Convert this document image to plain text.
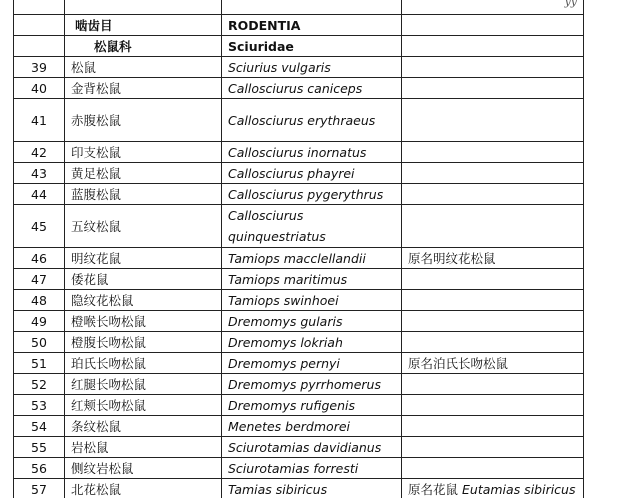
			yy
	啮齿目	RODENTIA	
	松鼠科	Sciuridae	
39	松鼠	Sciurius vulgaris	
40	金背松鼠	Callosciurus caniceps	
41	赤腹松鼠	Callosciurus erythraeus	
42	印支松鼠	Callosciurus inornatus	
43	黄足松鼠	Callosciurus phayrei	
44	蓝腹松鼠	Callosciurus pygerythrus	
45	五纹松鼠	Callosciurus
quinquestriatus	
46	明纹花鼠	Tamiops macclellandii	原名明纹花松鼠
47	倭花鼠	Tamiops maritimus	
48	隐纹花松鼠	Tamiops swinhoei	
49	橙喉长吻松鼠	Dremomys gularis	
50	橙腹长吻松鼠	Dremomys lokriah	
51	珀氏长吻松鼠	Dremomys pernyi	原名泊氏长吻松鼠
52	红腿长吻松鼠	Dremomys pyrrhomerus	
53	红颊长吻松鼠	Dremomys rufigenis	
54	条纹松鼠	Menetes berdmorei	
55	岩松鼠	Sciurotamias davidianus	
56	侧纹岩松鼠	Sciurotamias forresti	
57	北花松鼠	Tamias sibiricus	原名花鼠 Eutamias sibiricus
